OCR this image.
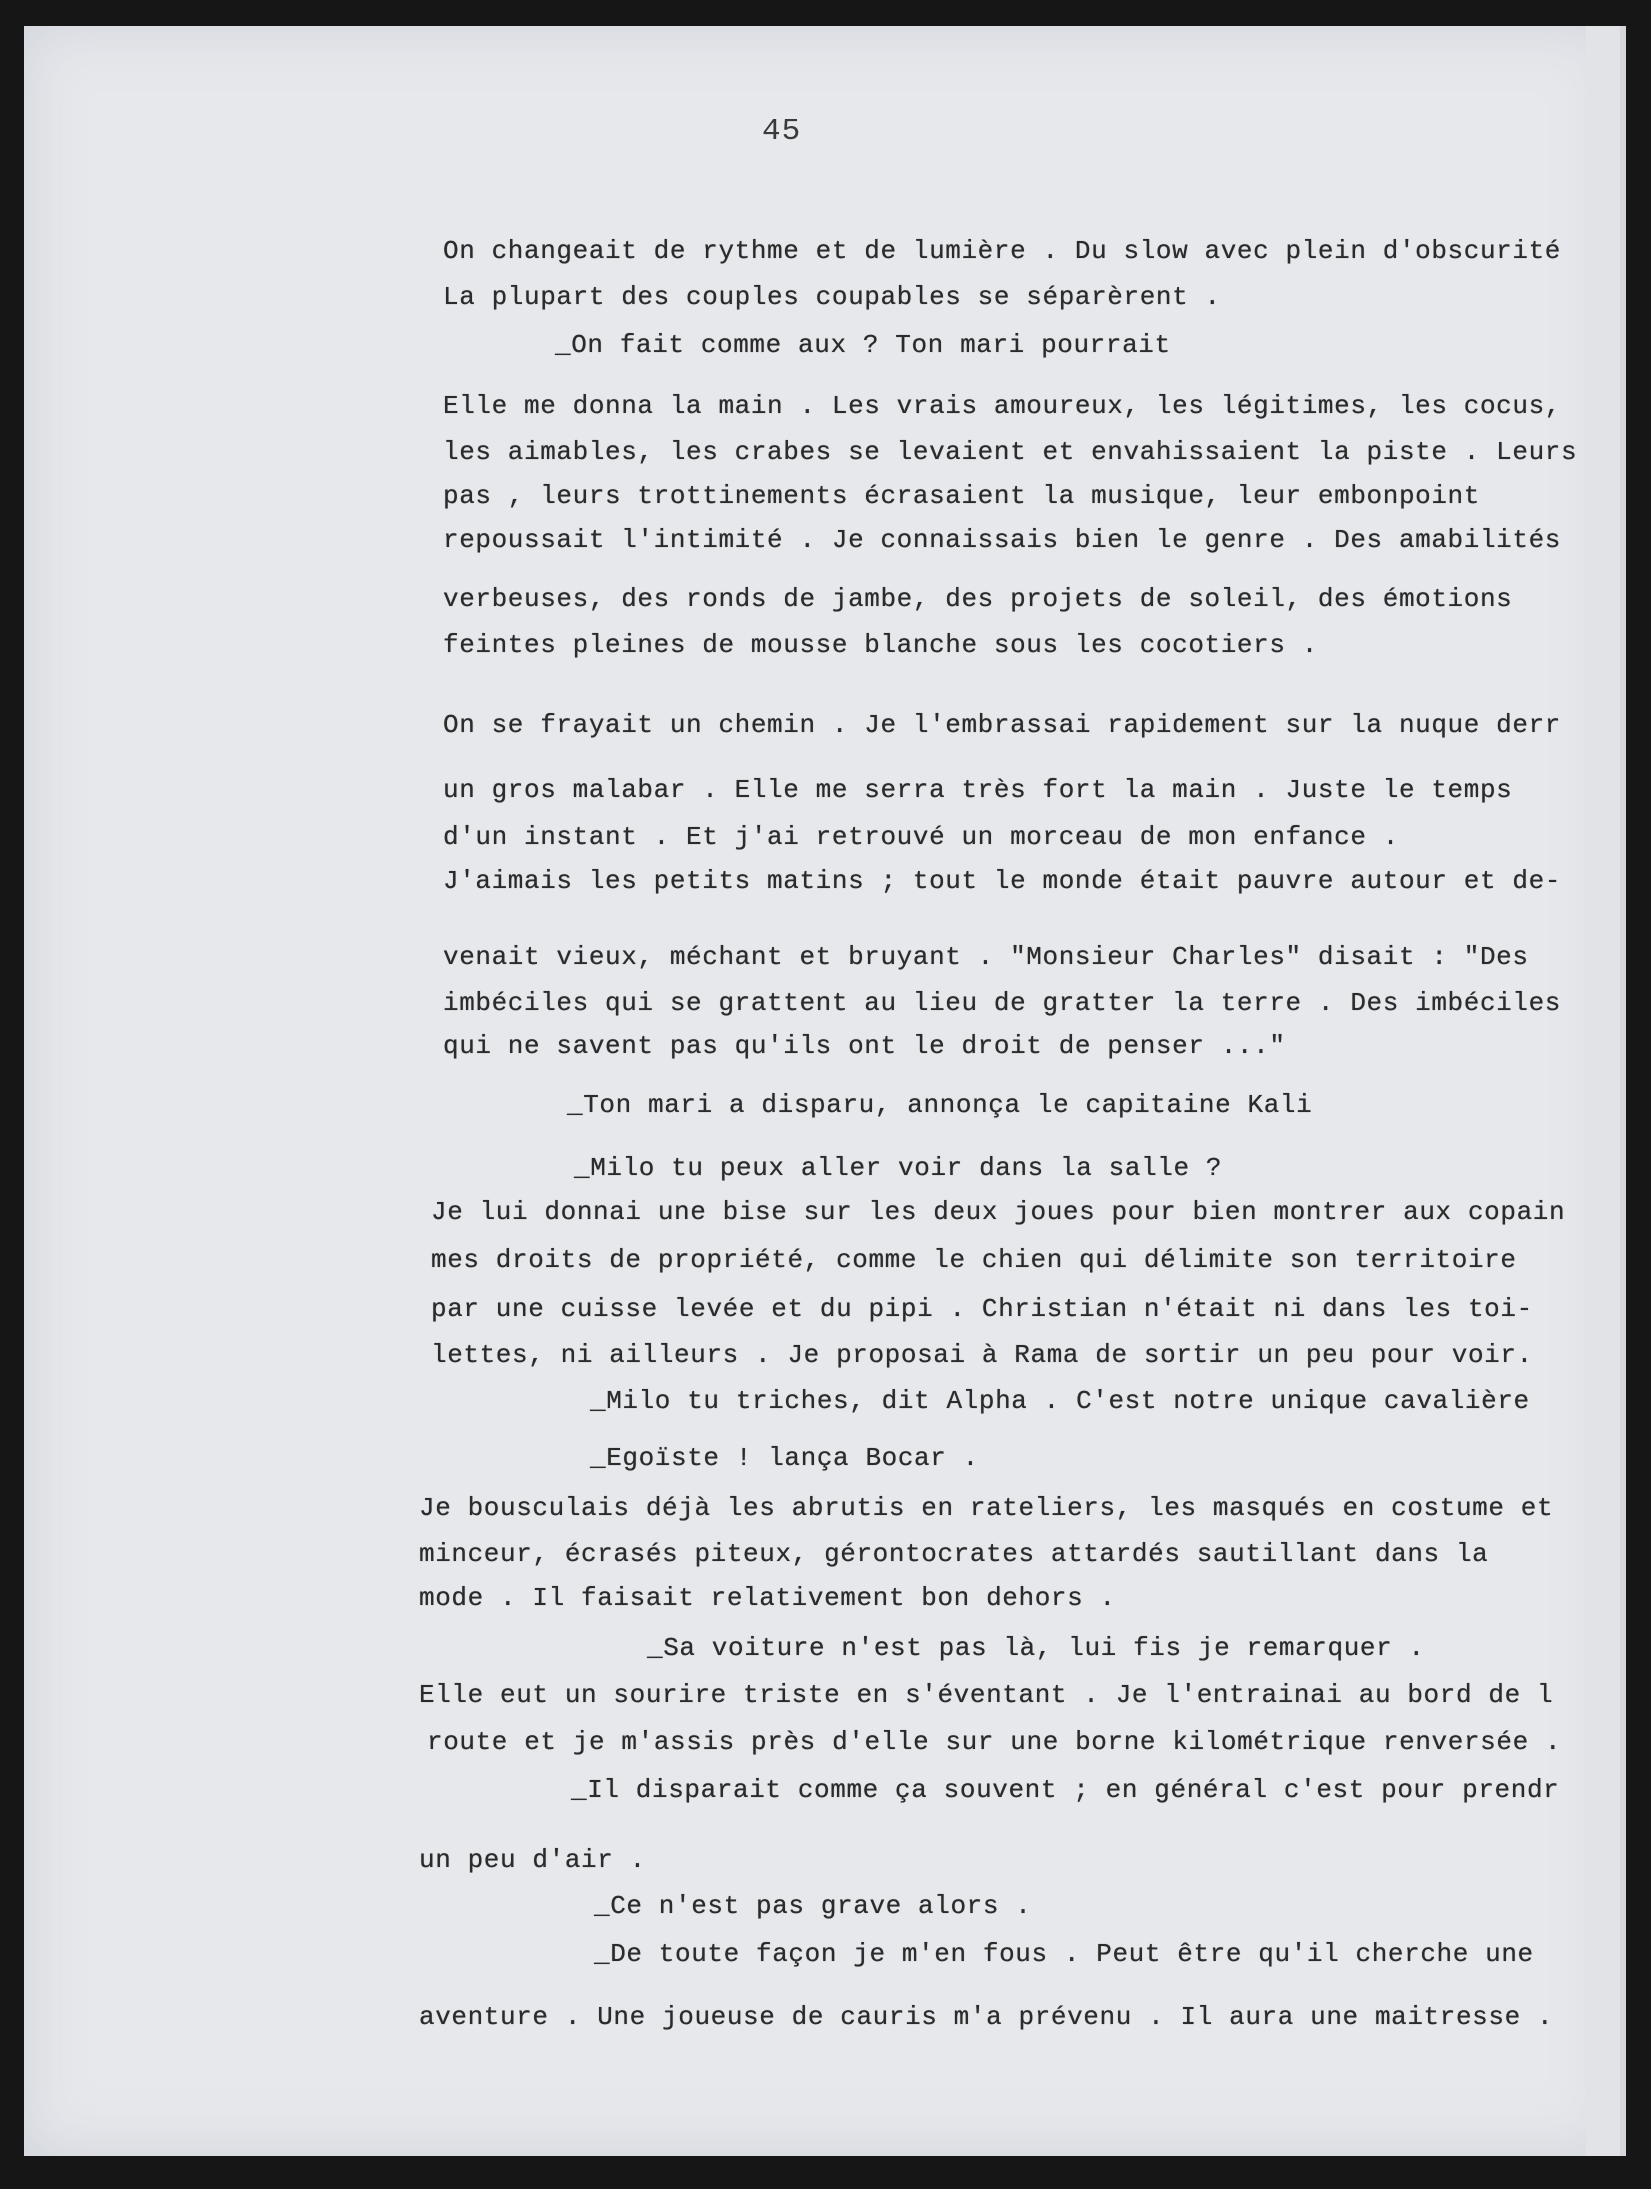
45
On changeait de rythme et de lumière . Du slow avec plein d'obscurité
La plupart des couples coupables se séparèrent .
_On fait comme aux ? Ton mari pourrait
Elle me donna la main . Les vrais amoureux, les légitimes, les cocus,
les aimables, les crabes se levaient et envahissaient la piste . Leurs
pas , leurs trottinements écrasaient la musique, leur embonpoint
repoussait l'intimité . Je connaissais bien le genre . Des amabilités
verbeuses, des ronds de jambe, des projets de soleil, des émotions
feintes pleines de mousse blanche sous les cocotiers .
On se frayait un chemin . Je l'embrassai rapidement sur la nuque derr
un gros malabar . Elle me serra très fort la main . Juste le temps
d'un instant . Et j'ai retrouvé un morceau de mon enfance .
J'aimais les petits matins ; tout le monde était pauvre autour et de-
venait vieux, méchant et bruyant . "Monsieur Charles" disait : "Des
imbéciles qui se grattent au lieu de gratter la terre . Des imbéciles
qui ne savent pas qu'ils ont le droit de penser ..."
_Ton mari a disparu, annonça le capitaine Kali
_Milo tu peux aller voir dans la salle ?
Je lui donnai une bise sur les deux joues pour bien montrer aux copain
mes droits de propriété, comme le chien qui délimite son territoire
par une cuisse levée et du pipi . Christian n'était ni dans les toi-
lettes, ni ailleurs . Je proposai à Rama de sortir un peu pour voir.
_Milo tu triches, dit Alpha . C'est notre unique cavalière
_Egoïste ! lança Bocar .
Je bousculais déjà les abrutis en rateliers, les masqués en costume et
minceur, écrasés piteux, gérontocrates attardés sautillant dans la
mode . Il faisait relativement bon dehors .
_Sa voiture n'est pas là, lui fis je remarquer .
Elle eut un sourire triste en s'éventant . Je l'entrainai au bord de l
route et je m'assis près d'elle sur une borne kilométrique renversée .
_Il disparait comme ça souvent ; en général c'est pour prendr
un peu d'air .
_Ce n'est pas grave alors .
_De toute façon je m'en fous . Peut être qu'il cherche une
aventure . Une joueuse de cauris m'a prévenu . Il aura une maitresse .
